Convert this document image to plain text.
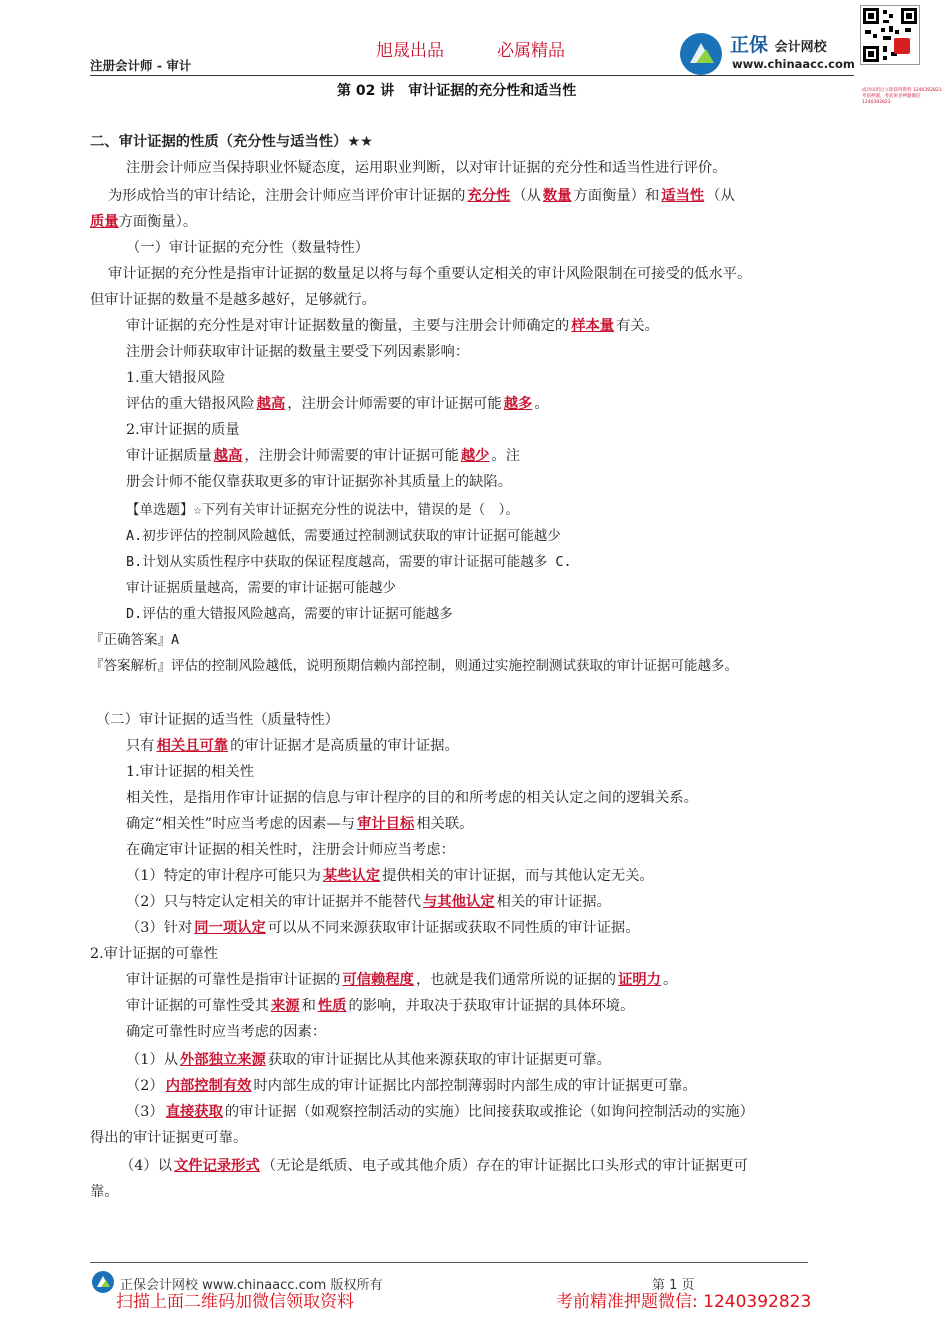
旭晟出品	必属精品
注册会计师 - 审计
正保 会计网校
www.chinaacc.com
成功试用后立即获得资料 1240392823 考前押题，考前密卷押题微信：1240392823
第 02 讲　审计证据的充分性和适当性
二、审计证据的性质（充分性与适当性）★★
注册会计师应当保持职业怀疑态度，运用职业判断，以对审计证据的充分性和适当性进行评价。
为形成恰当的审计结论，注册会计师应当评价审计证据的 充分性 （从 数量 方面衡量）和 适当性 （从
质量方面衡量）。
（一）审计证据的充分性（数量特性）
审计证据的充分性是指审计证据的数量足以将与每个重要认定相关的审计风险限制在可接受的低水平。
但审计证据的数量不是越多越好，足够就行。
审计证据的充分性是对审计证据数量的衡量，主要与注册会计师确定的 样本量 有关。
注册会计师获取审计证据的数量主要受下列因素影响：
1.重大错报风险
评估的重大错报风险 越高 ，注册会计师需要的审计证据可能 越多 。
2.审计证据的质量
审计证据质量 越高 ，注册会计师需要的审计证据可能 越少 。注
册会计师不能仅靠获取更多的审计证据弥补其质量上的缺陷。
【单选题】☆下列有关审计证据充分性的说法中，错误的是（　）。
A.初步评估的控制风险越低，需要通过控制测试获取的审计证据可能越少
B.计划从实质性程序中获取的保证程度越高，需要的审计证据可能越多 C.
审计证据质量越高，需要的审计证据可能越少
D.评估的重大错报风险越高，需要的审计证据可能越多
『正确答案』A
『答案解析』评估的控制风险越低，说明预期信赖内部控制，则通过实施控制测试获取的审计证据可能越多。
（二）审计证据的适当性（质量特性）
只有 相关且可靠 的审计证据才是高质量的审计证据。
1.审计证据的相关性
相关性，是指用作审计证据的信息与审计程序的目的和所考虑的相关认定之间的逻辑关系。
确定“相关性”时应当考虑的因素—与 审计目标 相关联。
在确定审计证据的相关性时，注册会计师应当考虑：
（1）特定的审计程序可能只为 某些认定 提供相关的审计证据，而与其他认定无关。
（2）只与特定认定相关的审计证据并不能替代 与其他认定 相关的审计证据。
（3）针对 同一项认定 可以从不同来源获取审计证据或获取不同性质的审计证据。
2.审计证据的可靠性
审计证据的可靠性是指审计证据的 可信赖程度 ，也就是我们通常所说的证据的 证明力 。
审计证据的可靠性受其 来源 和 性质 的影响，并取决于获取审计证据的具体环境。
确定可靠性时应当考虑的因素：
（1）从 外部独立来源 获取的审计证据比从其他来源获取的审计证据更可靠。
（2） 内部控制有效 时内部生成的审计证据比内部控制薄弱时内部生成的审计证据更可靠。
（3） 直接获取 的审计证据（如观察控制活动的实施）比间接获取或推论（如询问控制活动的实施）
得出的审计证据更可靠。
（4）以 文件记录形式 （无论是纸质、电子或其他介质）存在的审计证据比口头形式的审计证据更可
靠。
正保会计网校 www.chinaacc.com 版权所有	第 1 页
扫描上面二维码加微信领取资料	考前精准押题微信: 1240392823
